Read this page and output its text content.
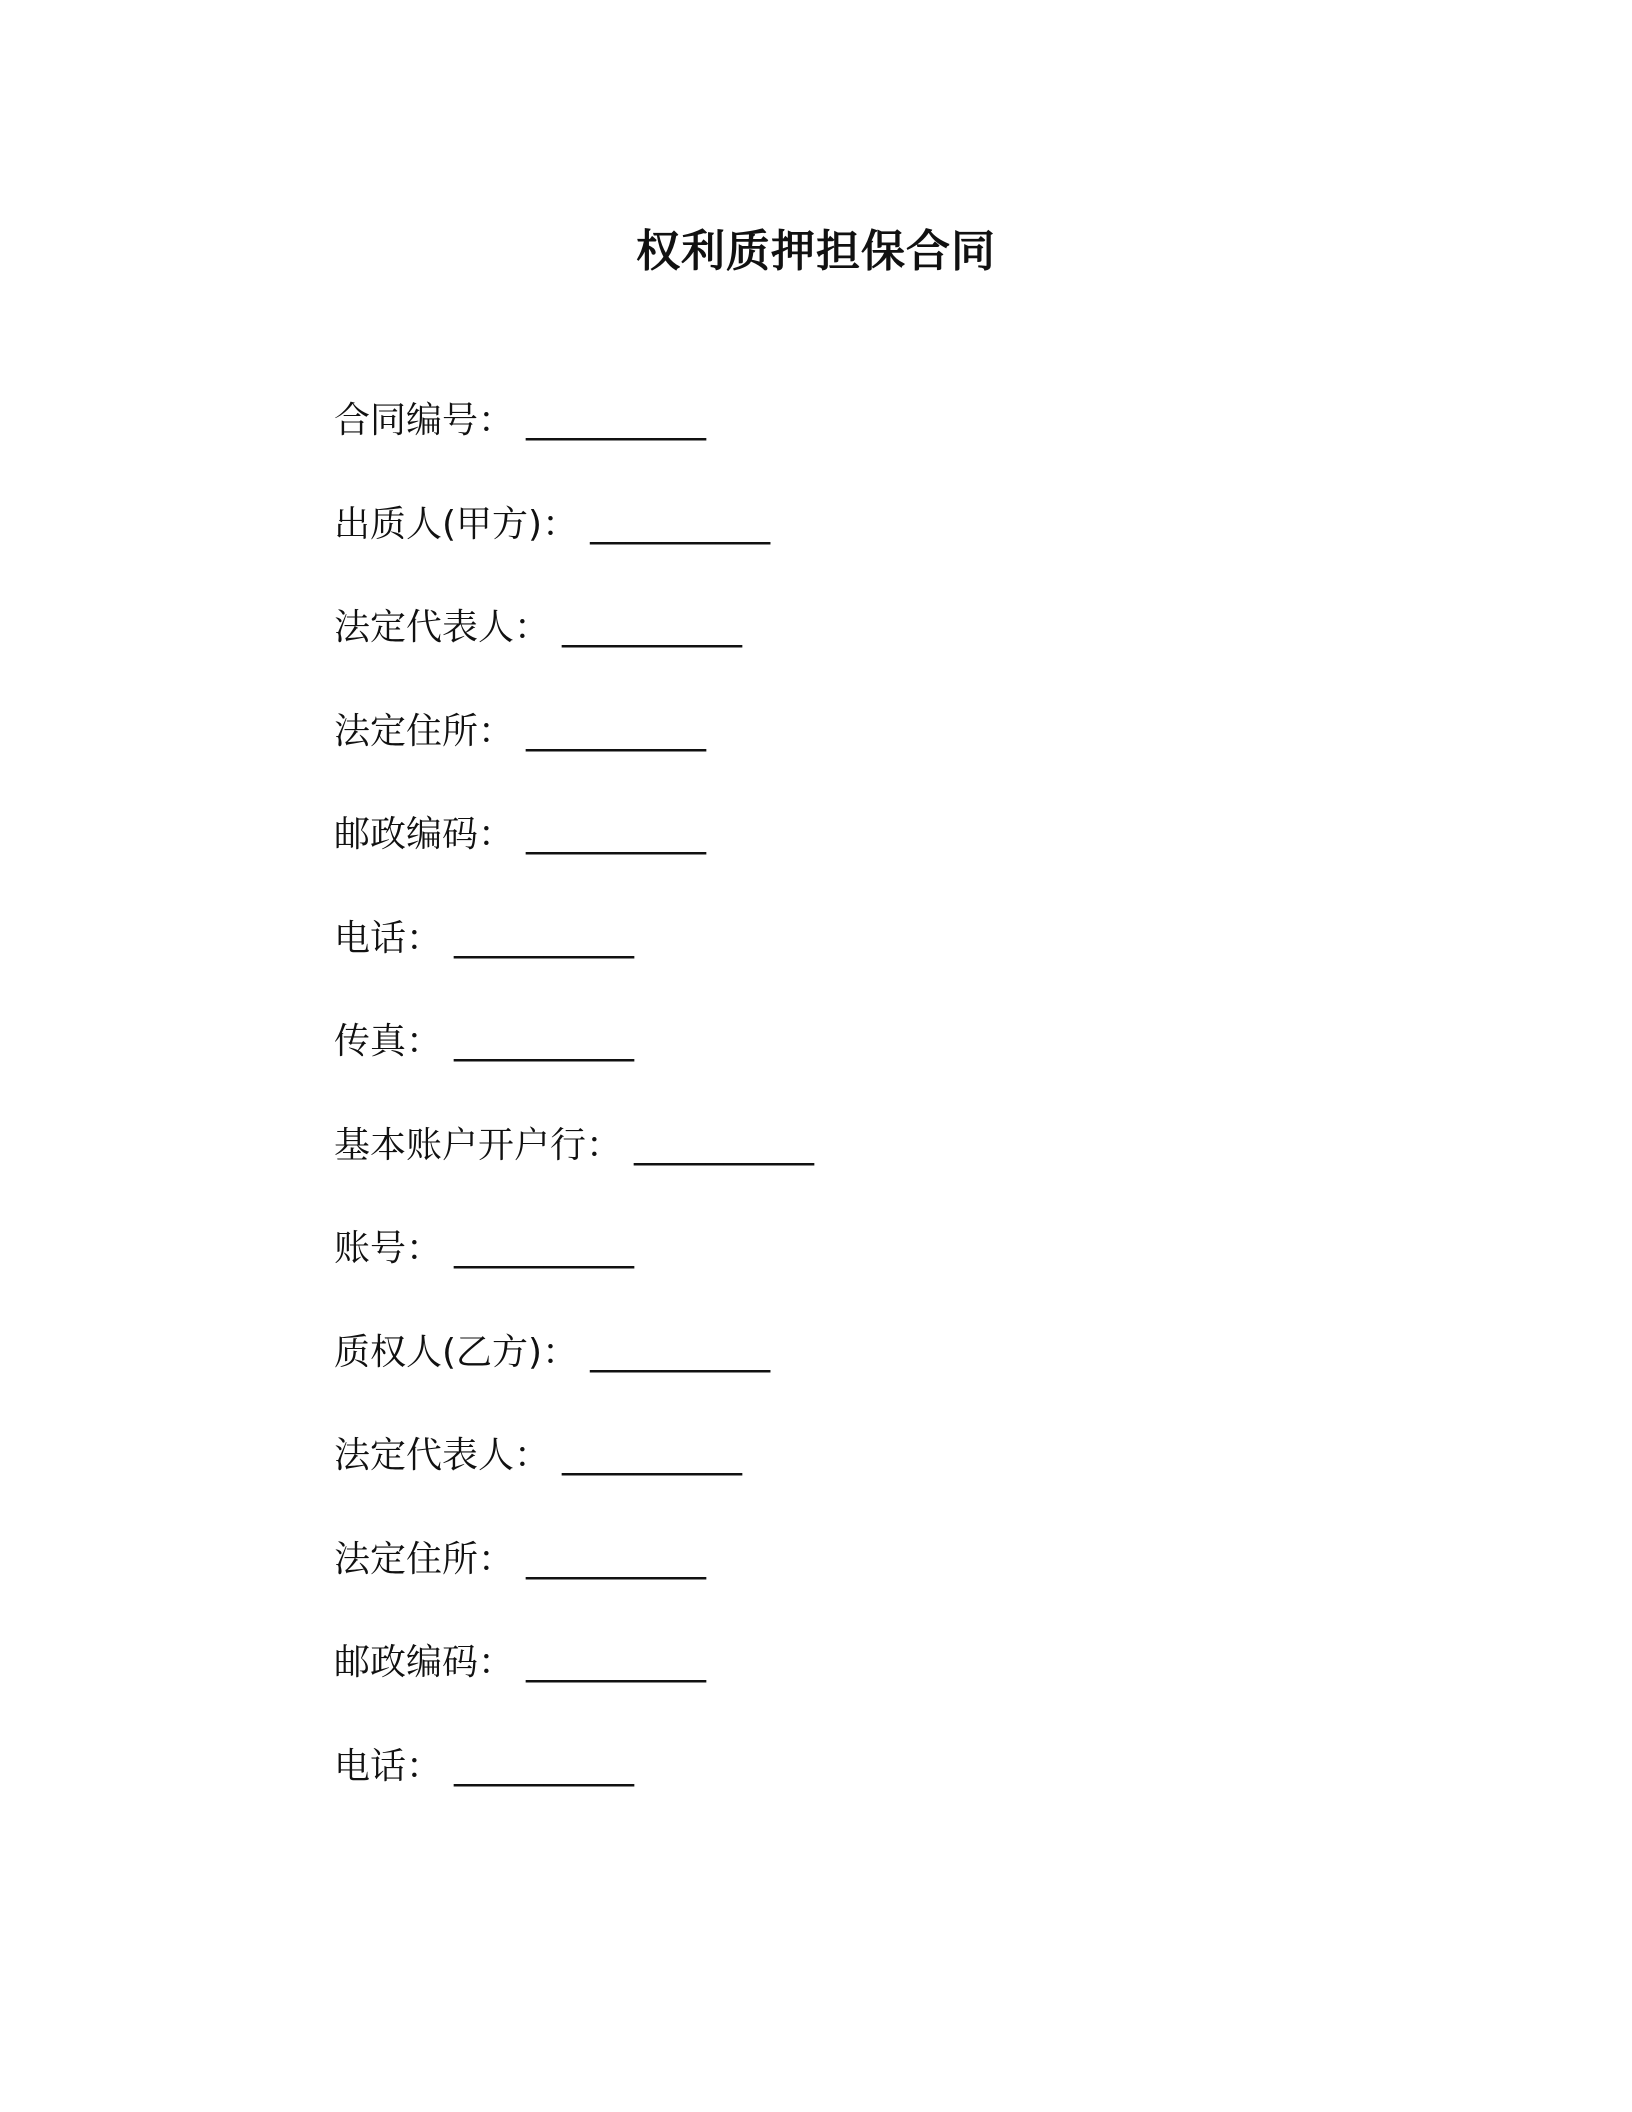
权利质押担保合同
合同编号： __________
出质人(甲方)： __________
法定代表人： __________
法定住所： __________
邮政编码： __________
电话： __________
传真： __________
基本账户开户行： __________
账号： __________
质权人(乙方)： __________
法定代表人： __________
法定住所： __________
邮政编码： __________
电话： __________
